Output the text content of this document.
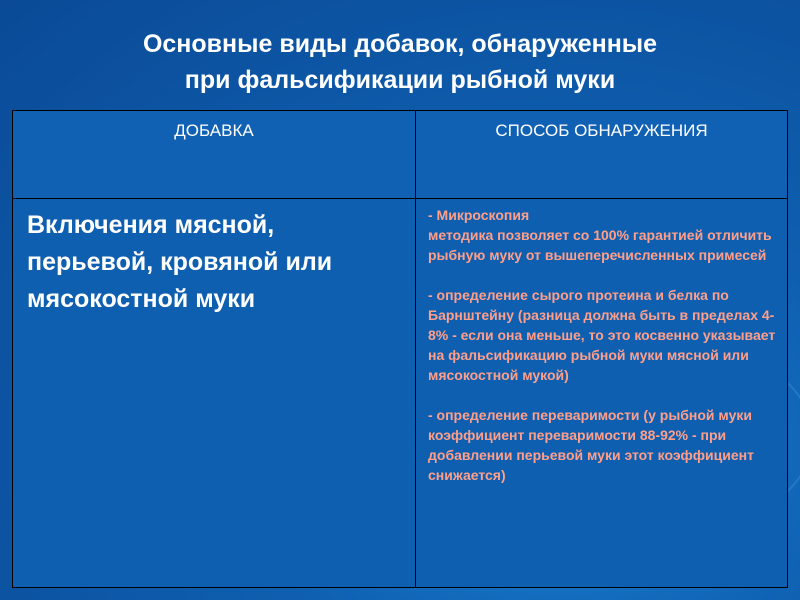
Основные виды добавок, обнаруженные
при фальсификации рыбной муки
ДОБАВКА	СПОСОБ ОБНАРУЖЕНИЯ
Включения мясной, перьевой, кровяной или мясокостной муки	- Микроскопия
методика позволяет со 100% гарантией отличить рыбную муку от вышеперечисленных примесей
- определение сырого протеина и белка по Барнштейну (разница должна быть в пределах 4-8% - если она меньше, то это косвенно указывает на фальсификацию рыбной муки мясной или мясокостной мукой)
- определение переваримости (у рыбной муки коэффициент переваримости 88-92% - при добавлении перьевой муки этот коэффициент снижается)
